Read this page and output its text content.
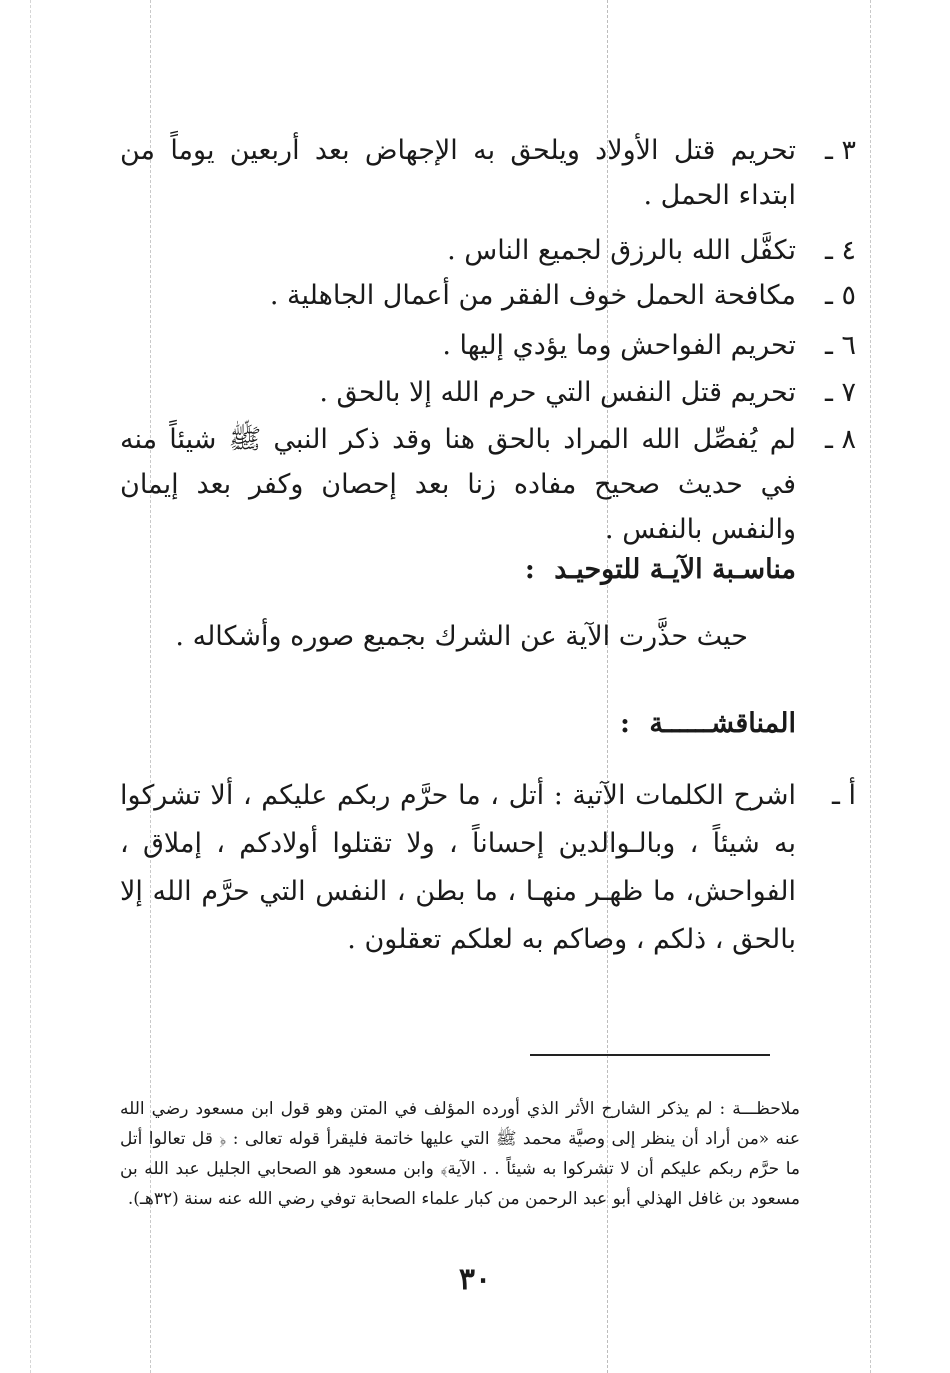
٣ ـ
تحريم قتل الأولاد ويلحق به الإجهاض بعد أربعين يوماً من ابتداء الحمل .
٤ ـ
تكفَّل الله بالرزق لجميع الناس .
٥ ـ
مكافحة الحمل خوف الفقر من أعمال الجاهلية .
٦ ـ
تحريم الفواحش وما يؤدي إليها .
٧ ـ
تحريم قتل النفس التي حرم الله إلا بالحق .
٨ ـ
لم يُفصِّل الله المراد بالحق هنا وقد ذكر النبي ﷺ شيئاً منه في حديث صحيح مفاده زنا بعد إحصان وكفر بعد إيمان والنفس بالنفس .
مناسـبة الآيـة للتوحيـد :
حيث حذَّرت الآية عن الشرك بجميع صوره وأشكاله .
المناقشــــــة :
أ ـ
اشرح الكلمات الآتية : أتل ، ما حرَّم ربكم عليكم ، ألا تشركوا به شيئاً ، وبالـوالدين إحساناً ، ولا تقتلوا أولادكم ، إملاق ، الفواحش، ما ظهـر منهـا ، ما بطن ، النفس التي حرَّم الله إلا بالحق ، ذلكم ، وصاكم به لعلكم تعقلون .
ملاحظـــة : لم يذكر الشارح الأثر الذي أورده المؤلف في المتن وهو قول ابن مسعود رضي الله عنه «من أراد أن ينظر إلى وصيَّة محمد ﷺ التي عليها خاتمة فليقرأ قوله تعالى : ﴿ قل تعالوا أتل ما حرَّم ربكم عليكم أن لا تشركوا به شيئاً . . الآية﴾ وابن مسعود هو الصحابي الجليل عبد الله بن مسعود بن غافل الهذلي أبو عبد الرحمن من كبار علماء الصحابة توفي رضي الله عنه سنة (٣٢هـ).
٣٠
